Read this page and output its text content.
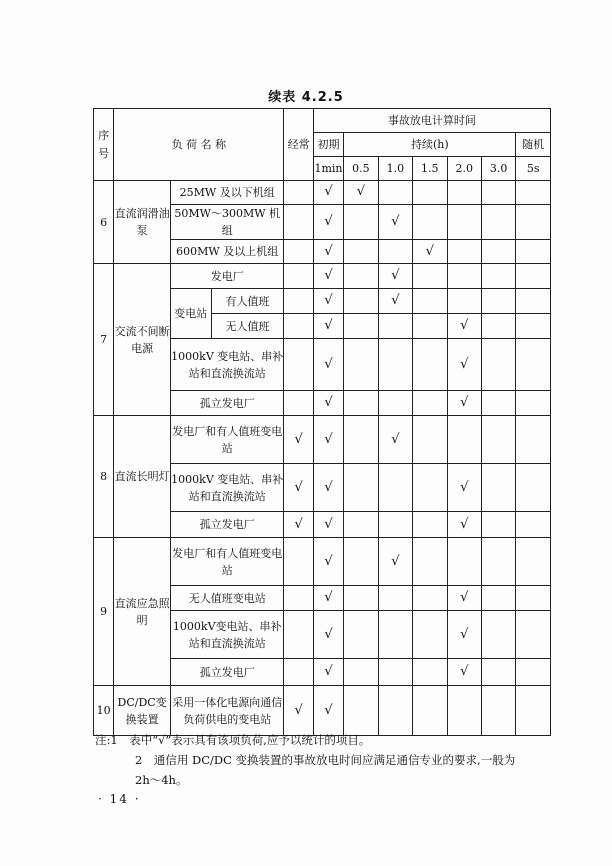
续表 4.2.5
序号	负 荷 名 称			经常	事故放电计算时间						
					初期	持续(h)					随机
					1min	0.5	1.0	1.5	2.0	3.0	5s
6	直流润滑油泵	25MW 及以下机组			√	√					
		50MW～300MW 机组			√		√				
		600MW 及以上机组			√			√			
7	交流不间断电源	发电厂			√		√				
		变电站	有人值班		√		√				
			无人值班		√				√		
		1000kV 变电站、串补站和直流换流站			√				√		
		孤立发电厂			√				√		
8	直流长明灯	发电厂和有人值班变电站		√	√		√				
		1000kV 变电站、串补站和直流换流站		√	√				√		
		孤立发电厂		√	√				√		
9	直流应急照明	发电厂和有人值班变电站			√		√				
		无人值班变电站			√				√		
		1000kV变电站、串补站和直流换流站			√				√		
		孤立发电厂			√				√		
10	DC/DC变换装置	采用一体化电源向通信负荷供电的变电站		√	√						
注:1　表中“√”表示具有该项负荷,应予以统计的项目。
2　通信用 DC/DC 变换装置的事故放电时间应满足通信专业的要求,一般为
2h～4h。
· 14 ·
